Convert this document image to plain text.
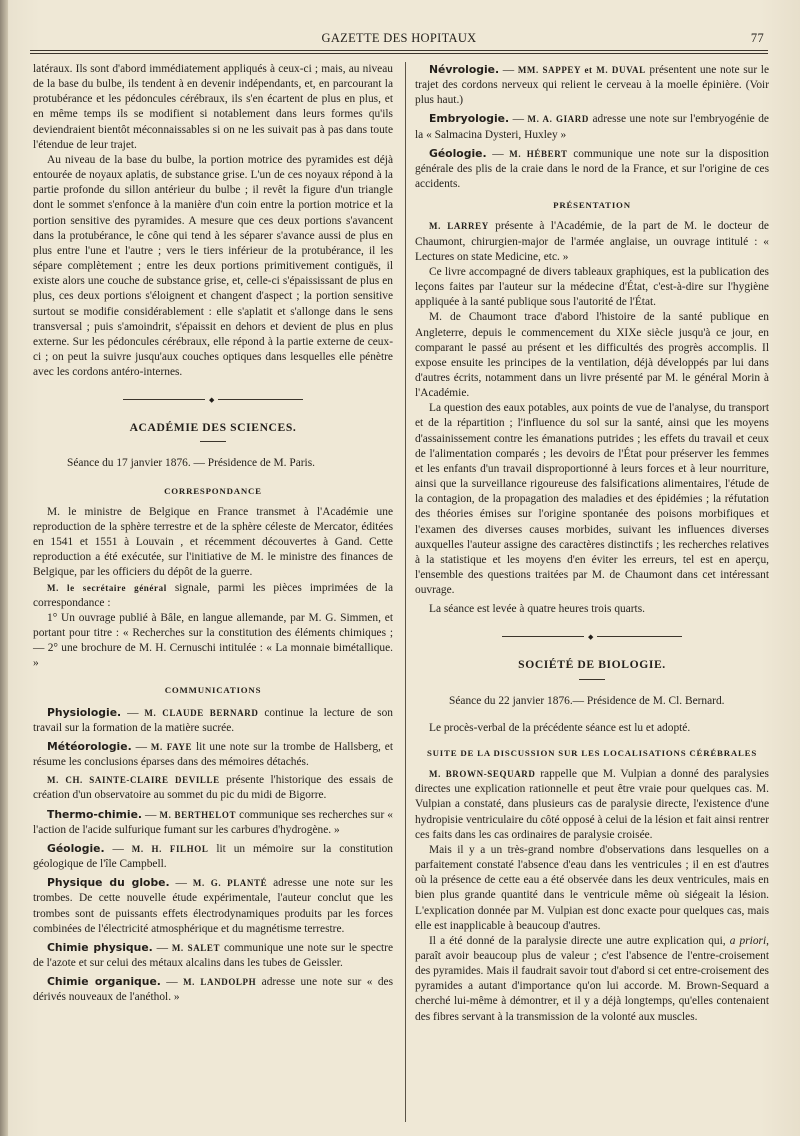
GAZETTE DES HOPITAUX	77

latéraux. Ils sont d'abord immédiatement appliqués à ceux-ci ; mais, au niveau de la base du bulbe, ils tendent à en devenir indépendants, et, en parcourant la protubérance et les pédoncules cérébraux, ils s'en écartent de plus en plus, et en même temps ils se modifient si notablement dans leurs formes qu'ils deviendraient bientôt méconnaissables si on ne les suivait pas à pas dans toute l'étendue de leur trajet.

Au niveau de la base du bulbe, la portion motrice des pyramides est déjà entourée de noyaux aplatis, de substance grise. L'un de ces noyaux répond à la partie profonde du sillon antérieur du bulbe ; il revêt la figure d'un triangle dont le sommet s'enfonce à la manière d'un coin entre la portion motrice et la portion sensitive des pyramides. A mesure que ces deux portions s'avancent dans la protubérance, le cône qui tend à les séparer s'avance aussi de plus en plus entre l'une et l'autre ; vers le tiers inférieur de la protubérance, il les sépare complètement ; entre les deux portions primitivement contiguës, il existe alors une couche de substance grise, et, celle-ci s'épaississant de plus en plus, ces deux portions s'éloignent et changent d'aspect ; la portion sensitive surtout se modifie considérablement : elle s'aplatit et s'allonge dans le sens transversal ; puis s'amoindrit, s'épaissit en dehors et devient de plus en plus externe. Sur les pédoncules cérébraux, elle répond à la partie externe de ceux-ci ; on peut la suivre jusqu'aux couches optiques dans lesquelles elle pénètre avec les cordons antéro-internes.

◆

ACADÉMIE DES SCIENCES.

Séance du 17 janvier 1876. — Présidence de M. Paris.

CORRESPONDANCE

M. le ministre de Belgique en France transmet à l'Académie une reproduction de la sphère terrestre et de la sphère céleste de Mercator, éditées en 1541 et 1551 à Louvain , et récemment découvertes à Gand. Cette reproduction a été exécutée, sur l'initiative de M. le ministre des finances de Belgique, par les officiers du dépôt de la guerre.

M. le secrétaire général signale, parmi les pièces imprimées de la correspondance :

1° Un ouvrage publié à Bâle, en langue allemande, par M. G. Simmen, et portant pour titre : « Recherches sur la constitution des éléments chimiques ; — 2° une brochure de M. H. Cernuschi intitulée : « La monnaie bimétallique. »

COMMUNICATIONS

Physiologie. — M. CLAUDE BERNARD continue la lecture de son travail sur la formation de la matière sucrée.

Météorologie. — M. FAYE lit une note sur la trombe de Hallsberg, et résume les conclusions éparses dans des mémoires détachés.

M. CH. SAINTE-CLAIRE DEVILLE présente l'historique des essais de création d'un observatoire au sommet du pic du midi de Bigorre.

Thermo-chimie. — M. BERTHELOT communique ses recherches sur « l'action de l'acide sulfurique fumant sur les carbures d'hydrogène. »

Géologie. — M. H. FILHOL lit un mémoire sur la constitution géologique de l'île Campbell.

Physique du globe. — M. G. PLANTÉ adresse une note sur les trombes. De cette nouvelle étude expérimentale, l'auteur conclut que les trombes sont de puissants effets électrodynamiques produits par les forces combinées de l'électricité atmosphérique et du magnétisme terrestre.

Chimie physique. — M. SALET communique une note sur le spectre de l'azote et sur celui des métaux alcalins dans les tubes de Geissler.

Chimie organique. — M. LANDOLPH adresse une note sur « des dérivés nouveaux de l'anéthol. »

Névrologie. — MM. SAPPEY et M. DUVAL présentent une note sur le trajet des cordons nerveux qui relient le cerveau à la moelle épinière. (Voir plus haut.)

Embryologie. — M. A. GIARD adresse une note sur l'embryogénie de la « Salmacina Dysteri, Huxley »

Géologie. — M. HÉBERT communique une note sur la disposition générale des plis de la craie dans le nord de la France, et sur l'origine de ces accidents.

PRÉSENTATION

M. LARREY présente à l'Académie, de la part de M. le docteur de Chaumont, chirurgien-major de l'armée anglaise, un ouvrage intitulé : « Lectures on state Medicine, etc. »

Ce livre accompagné de divers tableaux graphiques, est la publication des leçons faites par l'auteur sur la médecine d'État, c'est-à-dire sur l'hygiène appliquée à la santé publique sous l'autorité de l'État.

M. de Chaumont trace d'abord l'histoire de la santé publique en Angleterre, depuis le commencement du XIXe siècle jusqu'à ce jour, en comparant le passé au présent et les difficultés des progrès accomplis. Il expose ensuite les principes de la ventilation, déjà développés par lui dans d'autres écrits, notamment dans un livre présenté par M. le général Morin à l'Académie.

La question des eaux potables, aux points de vue de l'analyse, du transport et de la répartition ; l'influence du sol sur la santé, ainsi que les moyens d'assainissement contre les émanations putrides ; les effets du travail et ceux de l'alimentation comparés ; les devoirs de l'État pour préserver les femmes et les enfants d'un travail disproportionné à leurs forces et à leur nourriture, ainsi que la surveillance rigoureuse des falsifications alimentaires, l'étude de la contagion, de la propagation des maladies et des épidémies ; la réfutation des théories émises sur l'origine spontanée des poisons morbifiques et l'examen des diverses causes morbides, suivant les influences diverses auxquelles l'auteur assigne des caractères distinctifs ; les recherches relatives à la statistique et les moyens d'en éviter les erreurs, tel est en aperçu, l'ensemble des questions traitées par M. de Chaumont dans cet intéressant ouvrage.

La séance est levée à quatre heures trois quarts.

◆

SOCIÉTÉ DE BIOLOGIE.

Séance du 22 janvier 1876.— Présidence de M. Cl. Bernard.

Le procès-verbal de la précédente séance est lu et adopté.

SUITE DE LA DISCUSSION SUR LES LOCALISATIONS CÉRÉBRALES

M. BROWN-SEQUARD rappelle que M. Vulpian a donné des paralysies directes une explication rationnelle et peut être vraie pour quelques cas. M. Vulpian a constaté, dans plusieurs cas de paralysie directe, l'existence d'une hydropisie ventriculaire du côté opposé à celui de la lésion et fait ainsi rentrer ces faits dans les cas ordinaires de paralysie croisée.

Mais il y a un très-grand nombre d'observations dans lesquelles on a parfaitement constaté l'absence d'eau dans les ventricules ; il en est d'autres où la présence de cette eau a été observée dans les deux ventricules, mais en bien plus grande quantité dans le ventricule même où siégeait la lésion. L'explication donnée par M. Vulpian est donc exacte pour quelques cas, mais elle est inapplicable à beaucoup d'autres.

Il a été donné de la paralysie directe une autre explication qui, a priori, paraît avoir beaucoup plus de valeur ; c'est l'absence de l'entre-croisement des pyramides. Mais il faudrait savoir tout d'abord si cet entre-croisement des pyramides a autant d'importance qu'on lui accorde. M. Brown-Sequard a cherché lui-même à démontrer, et il y a déjà longtemps, qu'elles contenaient des fibres servant à la transmission de la volonté aux muscles.
